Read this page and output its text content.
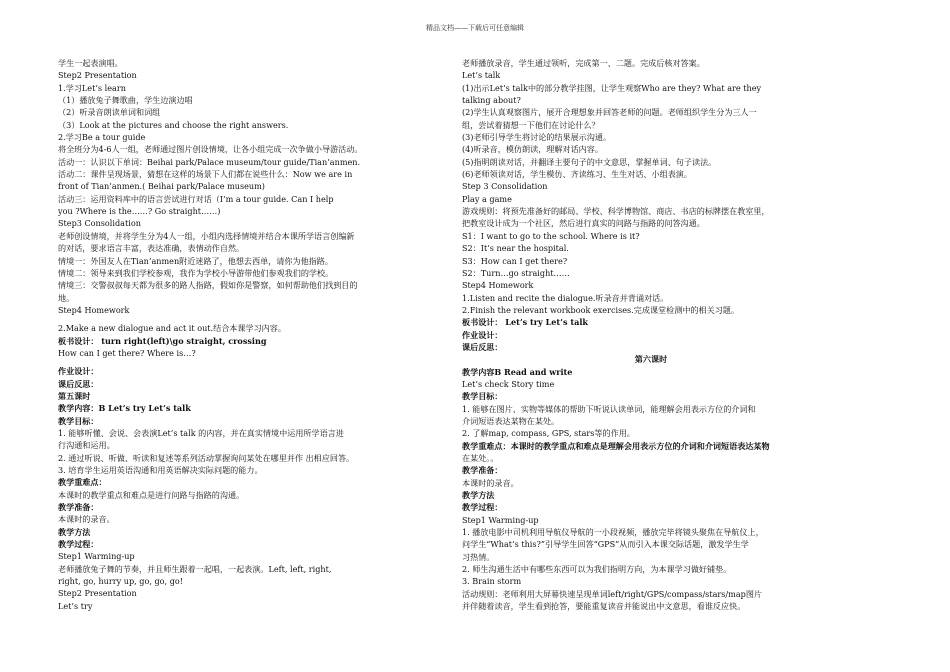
精品文档——下载后可任意编辑
学生一起表演唱。
Step2 Presentation
1.学习Let’s learn
（1）播放兔子舞歌曲，学生边演边唱
（2）听录音朗读单词和词组
（3）Look at the pictures and choose the right answers.
2.学习Be a tour guide
将全班分为4-6人一组，老师通过图片创设情境，让各小组完成一次争做小导游活动。
活动一：认识以下单词：Beihai park/Palace museum/tour guide/Tian’anmen.
活动二：课件呈现场景，猜想在这样的场景下人们都在说些什么：Now we are in
front of Tian’anmen.( Beihai park/Palace museum)
活动三：运用资料库中的语言尝试进行对话（I’m a tour guide. Can I help
you ?Where is the……? Go straight……)
Step3 Consolidation
老师创设情境，并将学生分为4人一组，小组内选择情境并结合本课所学语言创编新
的对话，要求语言丰富，表达准确，表情动作自然。
情境一：外国友人在Tian’anmen附近迷路了，他想去西单，请你为他指路。
情境二：领导来到我们学校参观，我作为学校小导游带他们参观我们的学校。
情境三：交警叔叔每天都为很多的路人指路，假如你是警察，如何帮助他们找到目的
地。
Step4 Homework
2.Make a new dialogue and act it out.结合本课学习内容。
板书设计： turn right(left)\go straight, crossing
How can I get there? Where is…?
作业设计：
课后反思：
第五课时
教学内容：B Let’s try Let’s talk
教学目标：
1. 能够听懂、会说、会表演Let’s talk 的内容，并在真实情境中运用所学语言进
行沟通和运用。
2. 通过听说、听做、听读和复述等系列活动掌握询问某处在哪里并作 出相应回答。
3. 培育学生运用英语沟通和用英语解决实际问题的能力。
教学重难点：
本课时的教学重点和难点是进行问路与指路的沟通。
教学准备：
本课时的录音。
教学方法
教学过程：
Step1 Warming-up
老师播放兔子舞的节奏，并且师生跟着一起唱，一起表演。Left, left, right,
right, go, hurry up, go, go, go!
Step2 Presentation
Let’s try
老师播放录音，学生通过领听，完成第一、二题。完成后核对答案。
Let’s talk
(1)出示Let’s talk中的部分教学挂图，让学生观察Who are they? What are they
talking about?
(2)学生认真观察图片，展开合理想象并回答老师的问题。老师组织学生分为三人一
组，尝试着猜想一下他们在讨论什么？
(3)老师引导学生将讨论的结果展示沟通。
(4)听录音，模仿朗读，理解对话内容。
(5)指明朗读对话，并翻译主要句子的中文意思，掌握单词、句子读法。
(6)老师领读对话，学生模仿、齐读练习、生生对话、小组表演。
Step 3 Consolidation
Play a game
游戏规则：将预先准备好的邮局、学校、科学博物馆、商店、书店的标牌摆在教室里，
把教室设计成为一个社区，然后进行真实的问路与指路的问答沟通。
S1：I want to go to the school. Where is it?
S2：It’s near the hospital.
S3：How can I get there?
S2：Turn…go straight……
Step4 Homework
1.Listen and recite the dialogue.听录音并背诵对话。
2.Finish the relevant workbook exercises.完成课堂检测中的相关习题。
板书设计： Let’s try Let’s talk
作业设计：
课后反思：
第六课时
教学内容B Read and write
Let’s check Story time
教学目标：
1. 能够在图片、实物等媒体的帮助下听说认读单词，能理解会用表示方位的介词和
介词短语表达某物在某处。
2. 了解map, compass, GPS, stars等的作用。
教学重难点：本课时的教学重点和难点是理解会用表示方位的介词和介词短语表达某物
在某处。。
教学准备：
本课时的录音。
教学方法
教学过程：
Step1 Warming-up
1. 播放电影中司机利用导航仪导航的一小段视频，播放完毕将镜头聚焦在导航仪上，
问学生“What’s this?”引导学生回答“GPS”从而引入本课交际话题，激发学生学
习热情。
2. 师生沟通生活中有哪些东西可以为我们指明方向，为本课学习做好铺垫。
3. Brain storm
活动规则：老师利用大屏幕快速呈现单词left/right/GPS/compass/stars/map图片
并伴随着读音，学生看到抢答，要能重复读音并能说出中文意思，看谁反应快。
